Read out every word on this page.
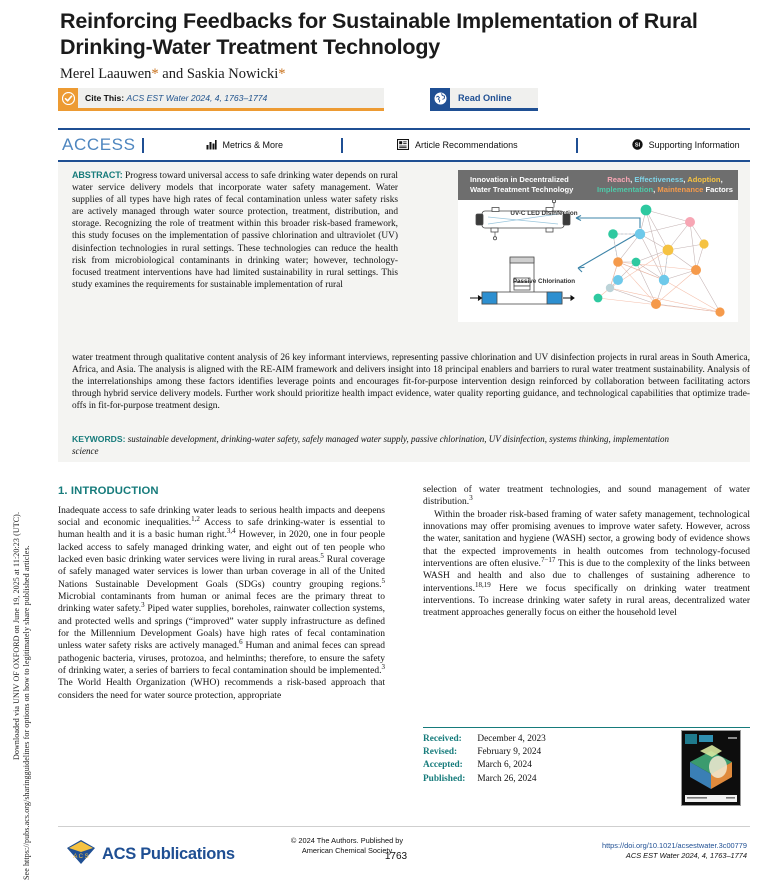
Downloaded via UNIV OF OXFORD on June 19, 2025 at 11:20:23 (UTC). See https://pubs.acs.org/sharingguidelines for options on how to legitimately share published articles.
Reinforcing Feedbacks for Sustainable Implementation of Rural Drinking-Water Treatment Technology
Merel Laauwen* and Saskia Nowicki*
Cite This: ACS EST Water 2024, 4, 1763–1774	Read Online
ACCESS	Metrics & More	Article Recommendations	SI Supporting Information
ABSTRACT: Progress toward universal access to safe drinking water depends on rural water service delivery models that incorporate water safety management. Water supplies of all types have high rates of fecal contamination unless water safety risks are actively managed through water source protection, treatment, distribution, and storage. Recognizing the role of treatment within this broader risk-based framework, this study focuses on the implementation of passive chlorination and ultraviolet (UV) disinfection technologies in rural settings. These technologies can reduce the health risk from microbiological contaminants in drinking water; however, technology-focused treatment interventions have had limited sustainability in rural settings. This study examines the requirements for sustainable implementation of rural
water treatment through qualitative content analysis of 26 key informant interviews, representing passive chlorination and UV disinfection projects in rural areas in South America, Africa, and Asia. The analysis is aligned with the RE-AIM framework and delivers insight into 18 principal enablers and barriers to rural water treatment sustainability. Analysis of the interrelationships among these factors identifies leverage points and encourages fit-for-purpose intervention design reinforced by collaboration between facilitating actors through hybrid service delivery models. Further work should prioritize health impact evidence, water quality reporting guidance, and technological capabilities that optimize trade-offs in fit-for-purpose treatment design.
KEYWORDS: sustainable development, drinking-water safety, safely managed water supply, passive chlorination, UV disinfection, systems thinking, implementation science
Innovation in Decentralized Water Treatment Technology
Reach, Effectiveness, Adoption,
Implementation, Maintenance Factors
UV-C LED Disinfection
Passive Chlorination
1. INTRODUCTION

Inadequate access to safe drinking water leads to serious health impacts and deepens social and economic inequalities.$^{1,2}$ Access to safe drinking-water is essential to human health and it is a basic human right.$^{3,4}$ However, in 2020, one in four people lacked access to safely managed drinking water, and eight out of ten people who lacked even basic drinking water services were living in rural areas.$^5$ Rural coverage of safely managed water services is lower than urban coverage in all of the United Nations Sustainable Development Goals (SDGs) country grouping regions.$^5$ Microbial contaminants from human or animal feces are the primary threat to drinking water safety.$^3$ Piped water supplies, boreholes, rainwater collection systems, and protected wells and springs (“improved” water supply infrastructure as defined for the Millennium Development Goals) have high rates of fecal contamination unless water safety risks are actively managed.$^6$ Human and animal feces can spread pathogenic bacteria, viruses, protozoa, and helminths; therefore, to ensure the safety of drinking water, a series of barriers to fecal contamination should be implemented.$^3$ The World Health Organization (WHO) recommends a risk-based approach that considers the need for water source protection, appropriate

selection of water treatment technologies, and sound management of water distribution.$^3$

Within the broader risk-based framing of water safety management, technological innovations may offer promising avenues to improve water safety. However, across the water, sanitation and hygiene (WASH) sector, a growing body of evidence shows that the expected improvements in health outcomes from technology-focused interventions are often elusive.$^{7-17}$ This is due to the complexity of the links between WASH and health and also due to challenges of sustaining adherence to interventions.$^{18,19}$ Here we focus specifically on drinking water treatment interventions. To increase drinking water safety in rural areas, decentralized water treatment approaches generally focus on either the household level

Received:	December 4, 2023
Revised:	February 9, 2024
Accepted:	March 6, 2024
Published:	March 26, 2024
A C S ACS Publications
© 2024 The Authors. Published by
American Chemical Society
1763
https://doi.org/10.1021/acsestwater.3c00779
ACS EST Water 2024, 4, 1763–1774
